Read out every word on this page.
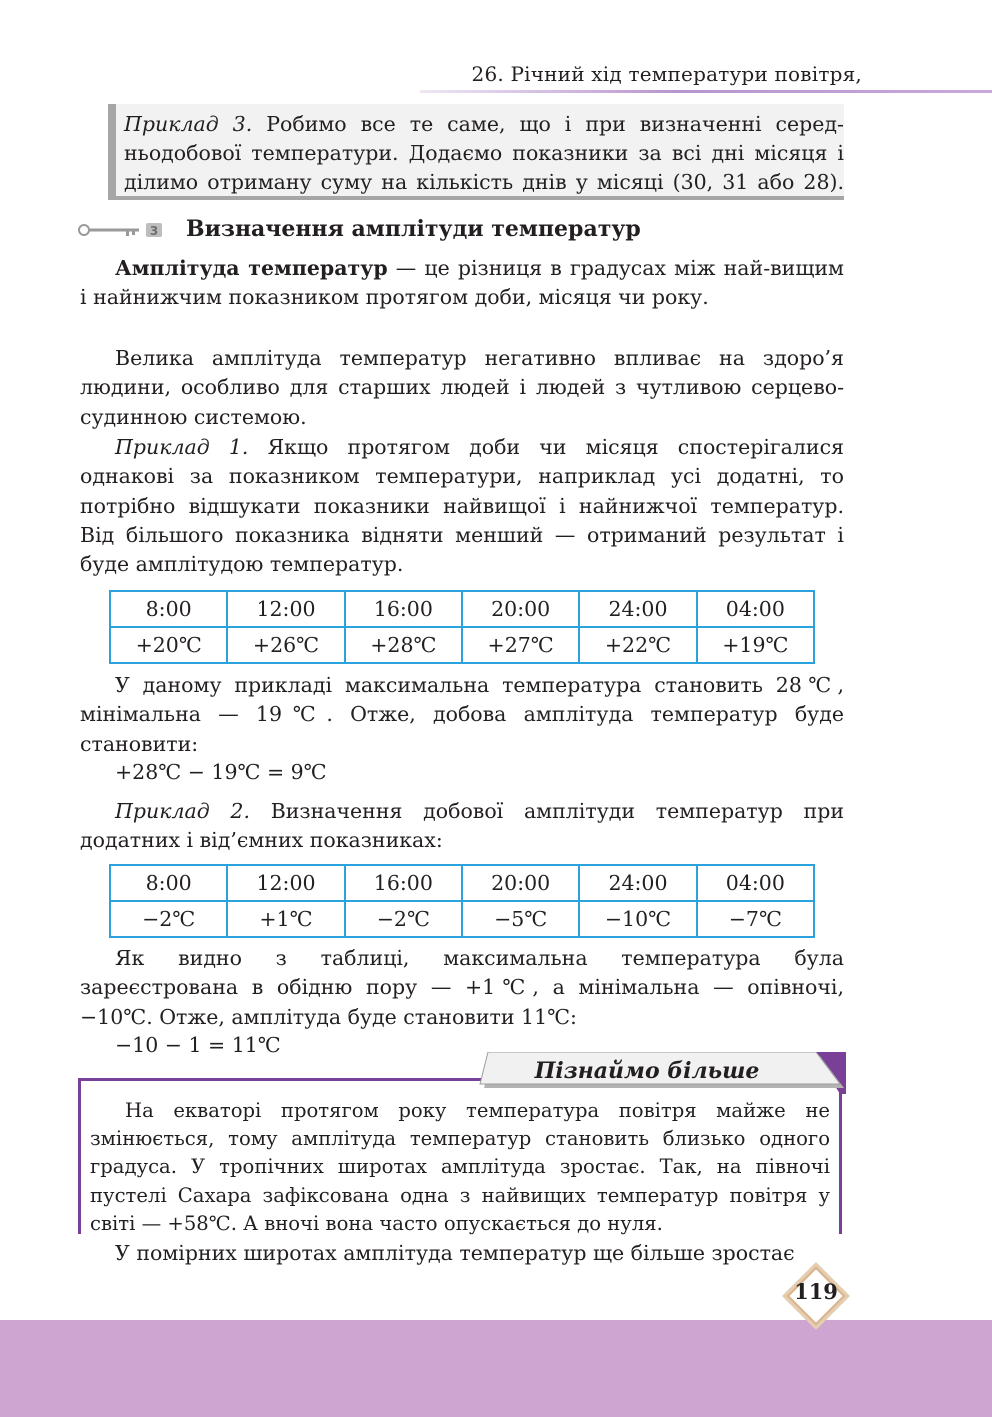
26. Річний хід температури повітря,
Приклад 3. Робимо все те саме, що і при визначенні серед-
ньодобової температури. Додаємо показники за всі дні місяця і
ділимо отриману суму на кількість днів у місяці (30, 31 або 28).
3 Визначення амплітуди температур
Амплітуда температур — це різниця в градусах між най-вищим і найнижчим показником протягом доби, місяця чи року.
Велика амплітуда температур негативно впливає на здоро’я людини, особливо для старших людей і людей з чутливою серцево-судинною системою.
Приклад 1. Якщо протягом доби чи місяця спостерігалися однакові за показником температури, наприклад усі додатні, то потрібно відшукати показники найвищої і найнижчої температур. Від більшого показника відняти менший — отриманий результат і буде амплітудою температур.
8:00	12:00	16:00	20:00	24:00	04:00
+20℃	+26℃	+28℃	+27℃	+22℃	+19℃
У даному прикладі максимальна температура становить 28℃, мінімальна — 19℃. Отже, добова амплітуда температур буде становити:
+28℃ − 19℃ = 9℃
Приклад 2. Визначення добової амплітуди температур при додатних і від’ємних показниках:
8:00	12:00	16:00	20:00	24:00	04:00
−2℃	+1℃	−2℃	−5℃	−10℃	−7℃
Як видно з таблиці, максимальна температура була зареєстрована в обідню пору — +1℃, а мінімальна — опівночі, −10℃. Отже, амплітуда буде становити 11℃:
−10 − 1 = 11℃
Пізнаймо більше
На екваторі протягом року температура повітря майже не змінюється, тому амплітуда температур становить близько одного градуса. У тропічних широтах амплітуда зростає. Так, на півночі пустелі Сахара зафіксована одна з найвищих температур повітря у світі — +58℃. А вночі вона часто опускається до нуля.
У помірних широтах амплітуда температур ще більше зростає
119
